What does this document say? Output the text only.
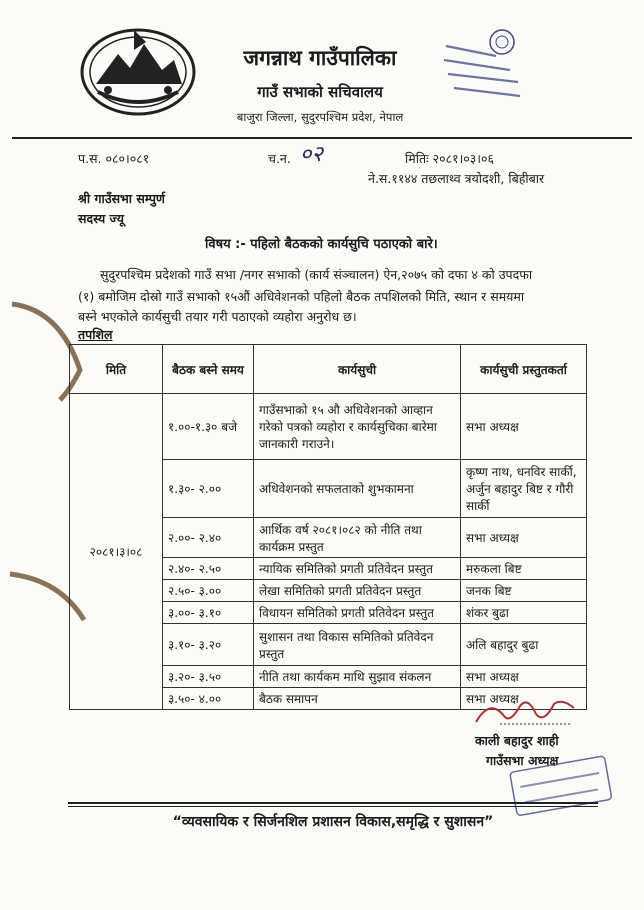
जगन्नाथ गाउँपालिका
गाउँ सभाको सचिवालय
बाजुरा जिल्ला, सुदुरपश्चिम प्रदेश, नेपाल
प.स. ०८०।०८१	च.न. ०२	मितिः २०८१।०३।०६
ने.स.११४४ तछलाथ्व त्रयोदशी, बिहीबार
श्री गाउँसभा सम्पुर्ण
सदस्य ज्यू
विषय :- पहिलो बैठकको कार्यसुचि पठाएको बारे।
सुदुरपश्चिम प्रदेशको गाउँ सभा /नगर सभाको (कार्य संञ्चालन) ऐन,२०७५ को दफा ४ को उपदफा
(१) बमोजिम दोस्रो गाउँ सभाको १५औं अधिवेशनको पहिलो बैठक तपशिलको मिति, स्थान र समयमा
बस्ने भएकोले कार्यसुची तयार गरी पठाएको व्यहोरा अनुरोध छ।
तपशिल
मिति	बैठक बस्ने समय	कार्यसुची	कार्यसुची प्रस्तुतकर्ता
२०८१।३।०८	१.००-१.३० बजे	गाउँसभाको १५ औ अधिवेशनको आव्हान गरेको पत्रको व्यहोरा र कार्यसुचिका बारेमा जानकारी गराउने।	सभा अध्यक्ष
	१.३०- २.००	अधिवेशनको सफलताको शुभकामना	कृष्ण नाथ, धनविर सार्की, अर्जुन बहादुर बिष्ट र गौरी सार्की
	२.००- २.४०	आर्थिक वर्ष २०८१।०८२ को नीति तथा कार्यक्रम प्रस्तुत	सभा अध्यक्ष
	२.४०- २.५०	न्यायिक समितिको प्रगती प्रतिवेदन प्रस्तुत	मरुकला बिष्ट
	२.५०- ३.००	लेखा समितिको प्रगती प्रतिवेदन प्रस्तुत	जनक बिष्ट
	३.००- ३.१०	विधायन समितिको प्रगती प्रतिवेदन प्रस्तुत	शंकर बुढा
	३.१०- ३.२०	सुशासन तथा विकास समितिको प्रतिवेदन प्रस्तुत	अलि बहादुर बुढा
	३.२०- ३.५०	नीति तथा कार्यकम माथि सुझाव संकलन	सभा अध्यक्ष
	३.५०- ४.००	बैठक समापन	सभा अध्यक्ष
काली बहादुर शाही
गाउँसभा अध्यक्ष
“व्यवसायिक र सिर्जनशिल प्रशासन विकास,समृद्धि र सुशासन”
